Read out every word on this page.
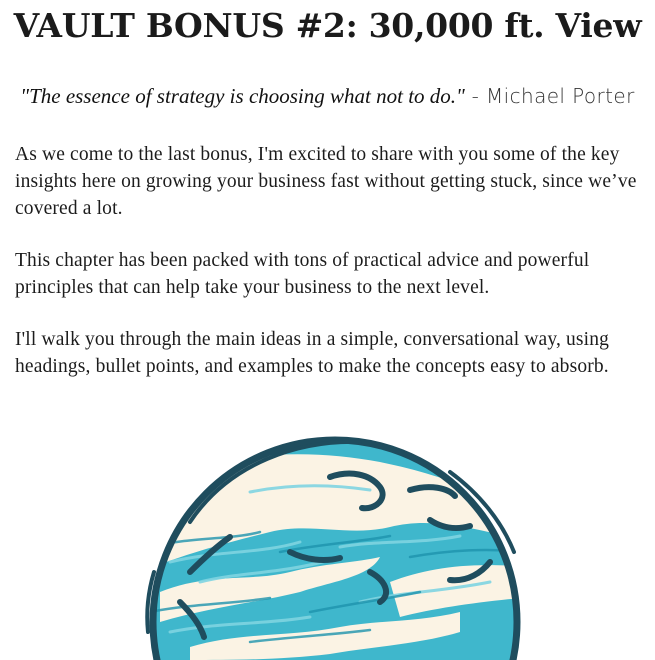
VAULT BONUS #2: 30,000 ft. View
"The essence of strategy is choosing what not to do." - Michael Porter

As we come to the last bonus, I'm excited to share with you some of the key insights here on growing your business fast without getting stuck, since we’ve covered a lot.

This chapter has been packed with tons of practical advice and powerful principles that can help take your business to the next level.

I'll walk you through the main ideas in a simple, conversational way, using headings, bullet points, and examples to make the concepts easy to absorb.
